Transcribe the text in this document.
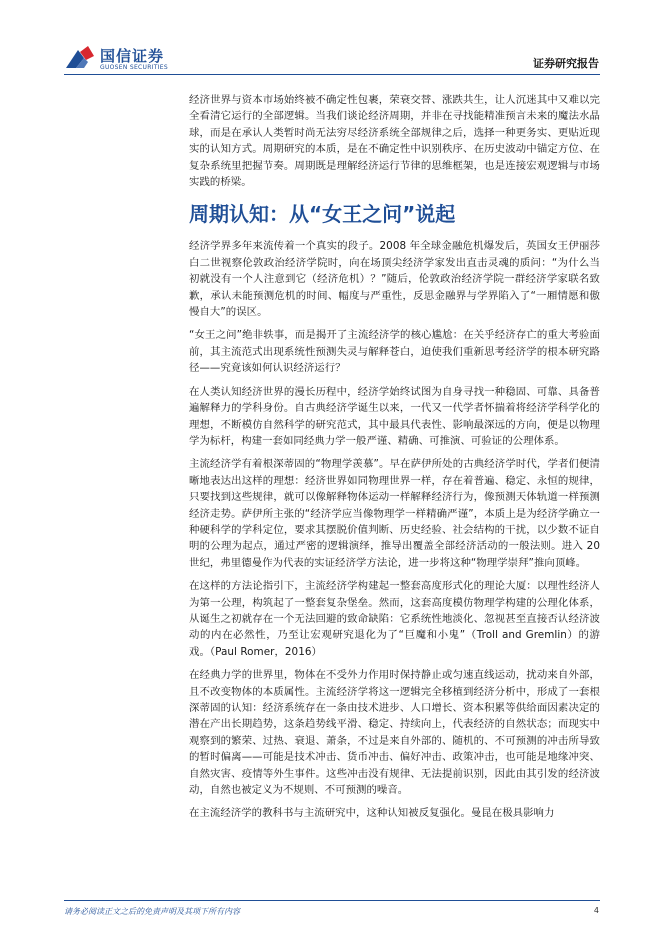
国信证券
GUOSEN SECURITIES	证券研究报告

经济世界与资本市场始终被不确定性包裹，荣衰交替、涨跌共生，让人沉迷其中又难以完全看清它运行的全部逻辑。当我们谈论经济周期，并非在寻找能精准预言未来的魔法水晶球，而是在承认人类暂时尚无法穷尽经济系统全部规律之后，选择一种更务实、更贴近现实的认知方式。周期研究的本质，是在不确定性中识别秩序、在历史波动中锚定方位、在复杂系统里把握节奏。周期既是理解经济运行节律的思维框架，也是连接宏观逻辑与市场实践的桥梁。

周期认知：从“女王之问”说起

经济学界多年来流传着一个真实的段子。2008 年全球金融危机爆发后，英国女王伊丽莎白二世视察伦敦政治经济学院时，向在场顶尖经济学家发出直击灵魂的质问：“为什么当初就没有一个人注意到它（经济危机）？”随后，伦敦政治经济学院一群经济学家联名致歉，承认未能预测危机的时间、幅度与严重性，反思金融界与学界陷入了“一厢情愿和傲慢自大”的误区。

“女王之问”绝非轶事，而是揭开了主流经济学的核心尴尬：在关乎经济存亡的重大考验面前，其主流范式出现系统性预测失灵与解释苍白，迫使我们重新思考经济学的根本研究路径——究竟该如何认识经济运行？

在人类认知经济世界的漫长历程中，经济学始终试图为自身寻找一种稳固、可靠、具备普遍解释力的学科身份。自古典经济学诞生以来，一代又一代学者怀揣着将经济学科学化的理想，不断模仿自然科学的研究范式，其中最具代表性、影响最深远的方向，便是以物理学为标杆，构建一套如同经典力学一般严谨、精确、可推演、可验证的公理体系。

主流经济学有着根深蒂固的“物理学羡慕”。早在萨伊所处的古典经济学时代，学者们便清晰地表达出这样的理想：经济世界如同物理世界一样，存在着普遍、稳定、永恒的规律，只要找到这些规律，就可以像解释物体运动一样解释经济行为，像预测天体轨道一样预测经济走势。萨伊所主张的“经济学应当像物理学一样精确严谨”，本质上是为经济学确立一种硬科学的学科定位，要求其摆脱价值判断、历史经验、社会结构的干扰，以少数不证自明的公理为起点，通过严密的逻辑演绎，推导出覆盖全部经济活动的一般法则。进入 20 世纪，弗里德曼作为代表的实证经济学方法论，进一步将这种“物理学崇拜”推向顶峰。

在这样的方法论指引下，主流经济学构建起一整套高度形式化的理论大厦：以理性经济人为第一公理，构筑起了一整套复杂堡垒。然而，这套高度模仿物理学构建的公理化体系，从诞生之初就存在一个无法回避的致命缺陷：它系统性地淡化、忽视甚至直接否认经济波动的内在必然性，乃至让宏观研究退化为了“巨魔和小鬼”（Troll and Gremlin）的游戏。（Paul Romer，2016）

在经典力学的世界里，物体在不受外力作用时保持静止或匀速直线运动，扰动来自外部，且不改变物体的本质属性。主流经济学将这一逻辑完全移植到经济分析中，形成了一套根深蒂固的认知：经济系统存在一条由技术进步、人口增长、资本积累等供给面因素决定的潜在产出长期趋势，这条趋势线平滑、稳定、持续向上，代表经济的自然状态；而现实中观察到的繁荣、过热、衰退、萧条，不过是来自外部的、随机的、不可预测的冲击所导致的暂时偏离——可能是技术冲击、货币冲击、偏好冲击、政策冲击，也可能是地缘冲突、自然灾害、疫情等外生事件。这些冲击没有规律、无法提前识别，因此由其引发的经济波动，自然也被定义为不规则、不可预测的噪音。

在主流经济学的教科书与主流研究中，这种认知被反复强化。曼昆在极具影响力

请务必阅读正文之后的免责声明及其项下所有内容	4
